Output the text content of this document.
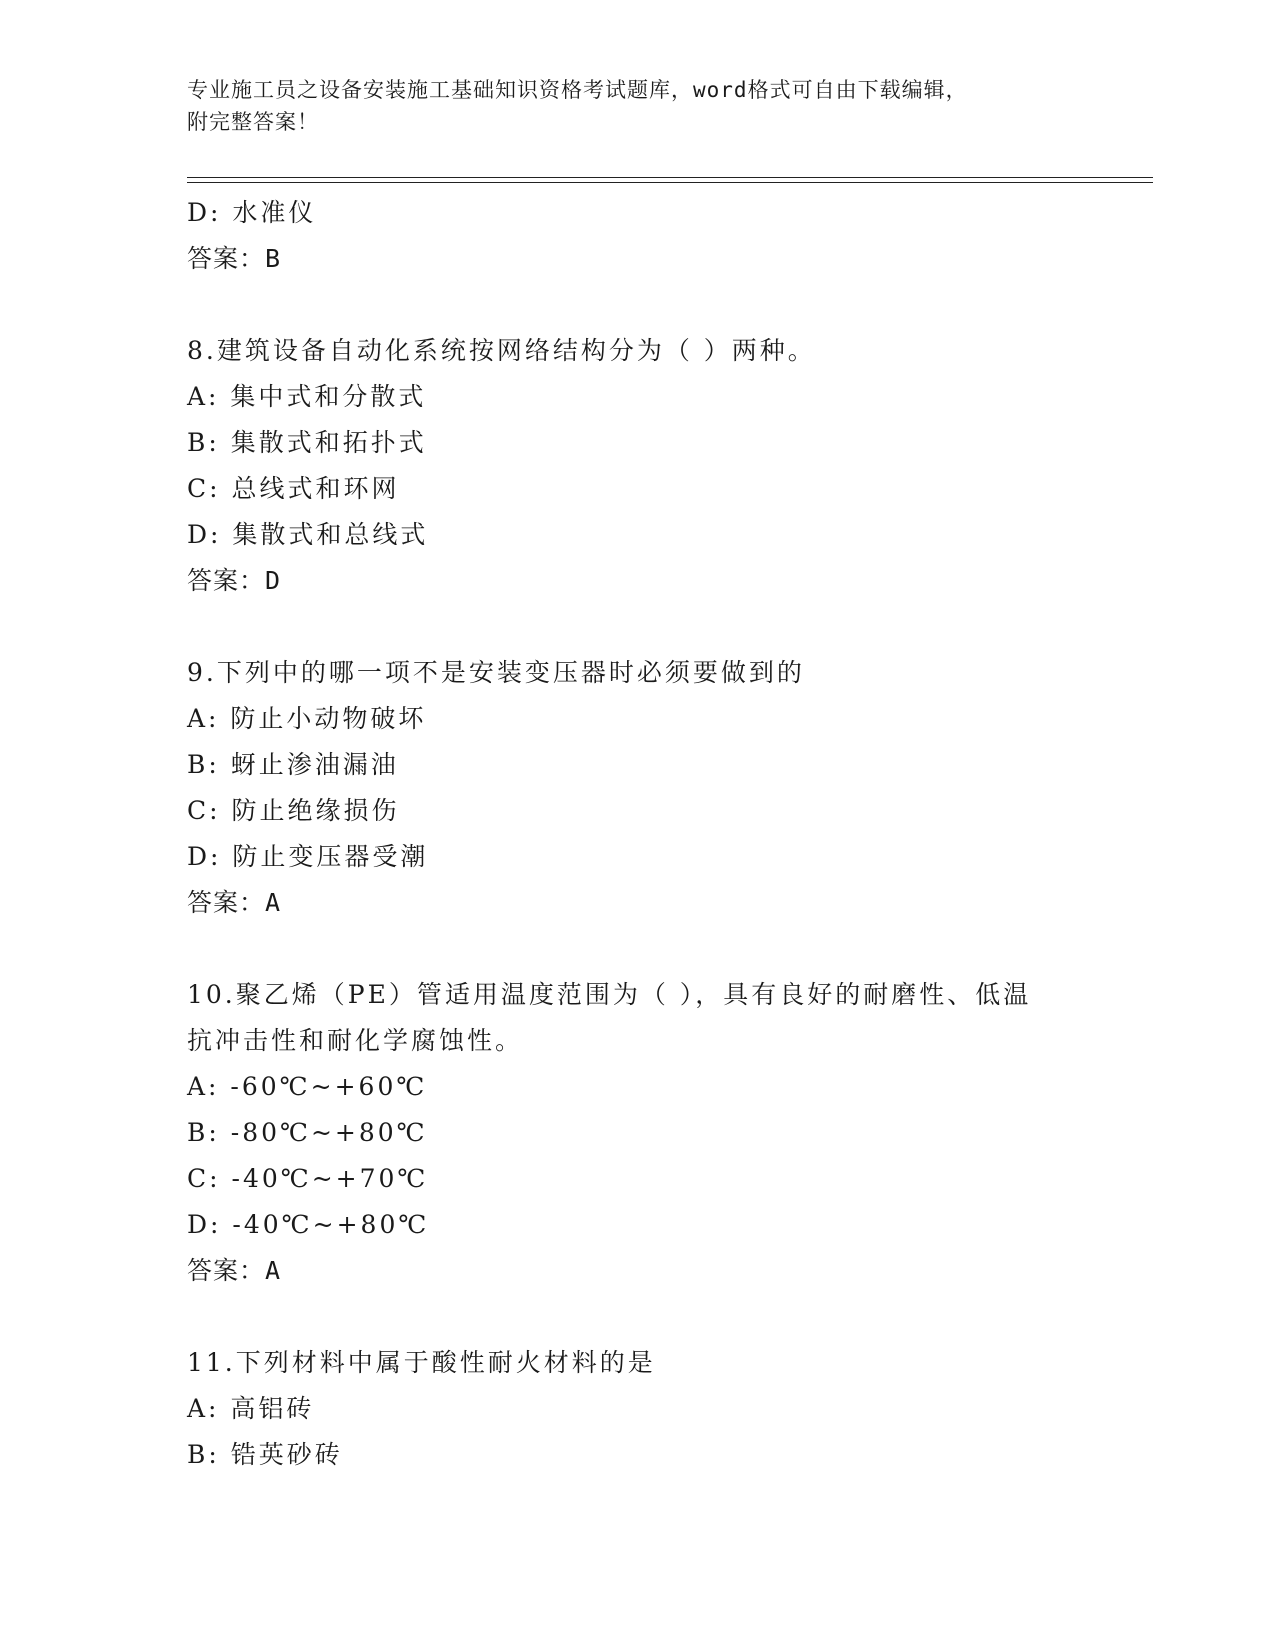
专业施工员之设备安装施工基础知识资格考试题库，word格式可自由下载编辑，
附完整答案！
D: 水准仪
答案：B
8.建筑设备自动化系统按网络结构分为（ ）两种。
A: 集中式和分散式
B: 集散式和拓扑式
C: 总线式和环网
D: 集散式和总线式
答案：D
9.下列中的哪一项不是安装变压器时必须要做到的
A: 防止小动物破坏
B: 蚜止渗油漏油
C: 防止绝缘损伤
D: 防止变压器受潮
答案：A
10.聚乙烯（PE）管适用温度范围为（ ），具有良好的耐磨性、低温
抗冲击性和耐化学腐蚀性。
A: -60℃~+60℃
B: -80℃~+80℃
C: -40℃~+70℃
D: -40℃~+80℃
答案：A
11.下列材料中属于酸性耐火材料的是
A: 高铝砖
B: 锆英砂砖
